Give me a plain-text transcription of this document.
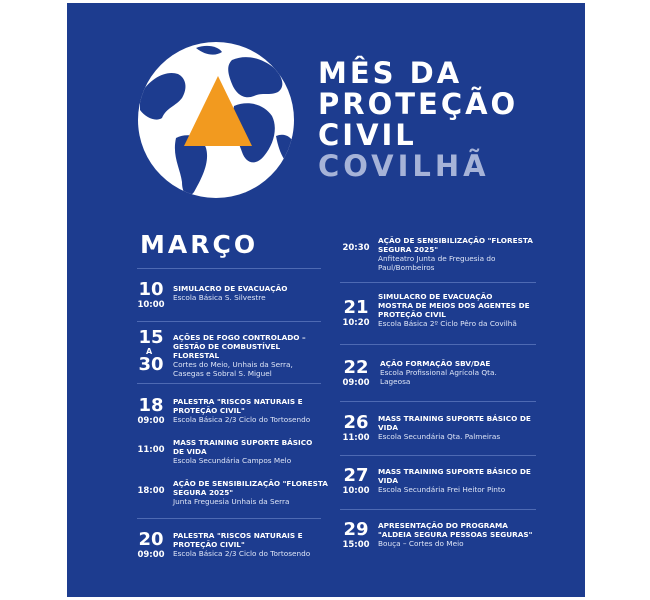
MÊS DA
PROTEÇÃO
CIVIL
COVILHÃ
MARÇO
10
10:00
SIMULACRO DE EVACUAÇÃO
Escola Básica S. Silvestre
15
A
30
AÇÕES DE FOGO CONTROLADO –
GESTÃO DE COMBUSTÍVEL FLORESTAL
Cortes do Meio, Unhais da Serra,
Casegas e Sobral S. Miguel
18
09:00
PALESTRA "RISCOS NATURAIS E
PROTEÇÃO CIVIL"
Escola Básica 2/3 Ciclo do Tortosendo
11:00
MASS TRAINING SUPORTE BÁSICO
DE VIDA
Escola Secundária Campos Melo
18:00
AÇÃO DE SENSIBILIZAÇÃO "FLORESTA
SEGURA 2025"
Junta Freguesia Unhais da Serra
20
09:00
PALESTRA "RISCOS NATURAIS E
PROTEÇÃO CIVIL"
Escola Básica 2/3 Ciclo do Tortosendo
20:30
AÇÃO DE SENSIBILIZAÇÃO "FLORESTA
SEGURA 2025"
Anfiteatro Junta de Freguesia do
Paul/Bombeiros
21
10:20
SIMULACRO DE EVACUAÇÃO
MOSTRA DE MEIOS DOS AGENTES DE
PROTEÇÃO CIVIL
Escola Básica 2º Ciclo Pêro da Covilhã
22
09:00
AÇÃO FORMAÇÃO SBV/DAE
Escola Profissional Agrícola Qta.
Lageosa
26
11:00
MASS TRAINING SUPORTE BÁSICO DE
VIDA
Escola Secundária Qta. Palmeiras
27
10:00
MASS TRAINING SUPORTE BÁSICO DE
VIDA
Escola Secundária Frei Heitor Pinto
29
15:00
APRESENTAÇÃO DO PROGRAMA
"ALDEIA SEGURA PESSOAS SEGURAS"
Bouça – Cortes do Meio
